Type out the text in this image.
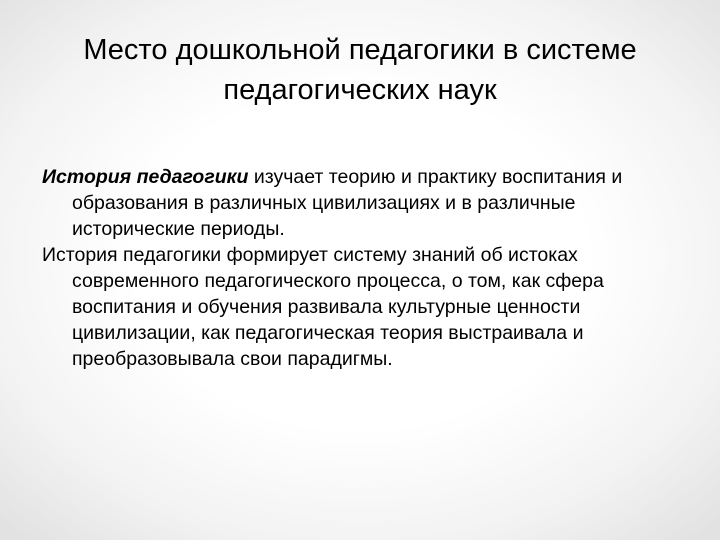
Место дошкольной педагогики в системе
педагогических наук

История педагогики изучает теорию и практику воспитания и образования в различных цивилизациях и в различные исторические периоды.

История педагогики формирует систему знаний об истоках современного педагогического процесса, о том, как сфера воспитания и обучения развивала культурные ценности цивилизации, как педагогическая теория выстраивала и преобразовывала свои парадигмы.
